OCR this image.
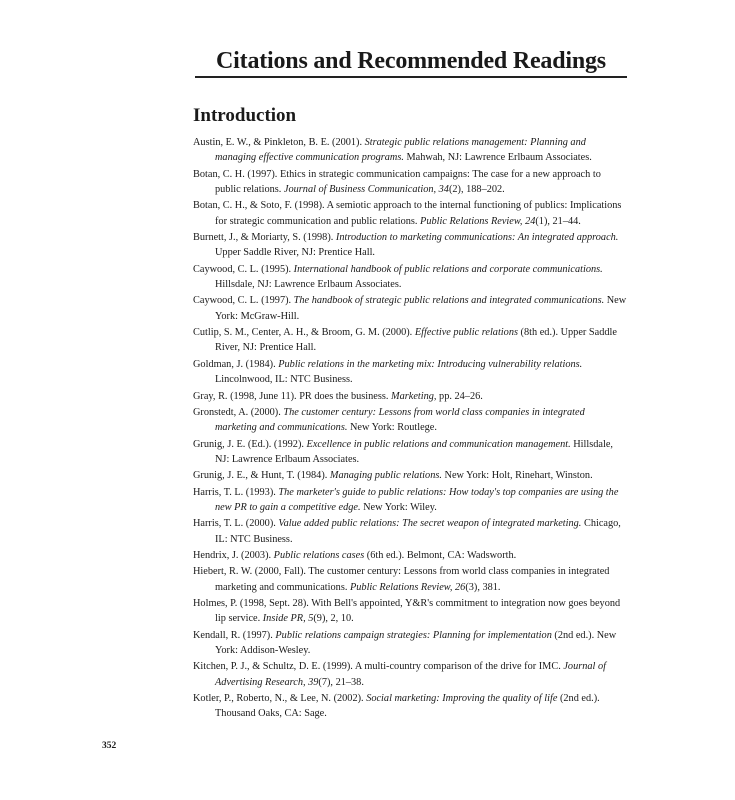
Citations and Recommended Readings
Introduction
Austin, E. W., & Pinkleton, B. E. (2001). Strategic public relations management: Planning and managing effective communication programs. Mahwah, NJ: Lawrence Erlbaum Associates.
Botan, C. H. (1997). Ethics in strategic communication campaigns: The case for a new approach to public relations. Journal of Business Communication, 34(2), 188–202.
Botan, C. H., & Soto, F. (1998). A semiotic approach to the internal functioning of publics: Implications for strategic communication and public relations. Public Relations Review, 24(1), 21–44.
Burnett, J., & Moriarty, S. (1998). Introduction to marketing communications: An integrated approach. Upper Saddle River, NJ: Prentice Hall.
Caywood, C. L. (1995). International handbook of public relations and corporate communications. Hillsdale, NJ: Lawrence Erlbaum Associates.
Caywood, C. L. (1997). The handbook of strategic public relations and integrated communications. New York: McGraw-Hill.
Cutlip, S. M., Center, A. H., & Broom, G. M. (2000). Effective public relations (8th ed.). Upper Saddle River, NJ: Prentice Hall.
Goldman, J. (1984). Public relations in the marketing mix: Introducing vulnerability relations. Lincolnwood, IL: NTC Business.
Gray, R. (1998, June 11). PR does the business. Marketing, pp. 24–26.
Gronstedt, A. (2000). The customer century: Lessons from world class companies in integrated marketing and communications. New York: Routlege.
Grunig, J. E. (Ed.). (1992). Excellence in public relations and communication management. Hillsdale, NJ: Lawrence Erlbaum Associates.
Grunig, J. E., & Hunt, T. (1984). Managing public relations. New York: Holt, Rinehart, Winston.
Harris, T. L. (1993). The marketer's guide to public relations: How today's top companies are using the new PR to gain a competitive edge. New York: Wiley.
Harris, T. L. (2000). Value added public relations: The secret weapon of integrated marketing. Chicago, IL: NTC Business.
Hendrix, J. (2003). Public relations cases (6th ed.). Belmont, CA: Wadsworth.
Hiebert, R. W. (2000, Fall). The customer century: Lessons from world class companies in integrated marketing and communications. Public Relations Review, 26(3), 381.
Holmes, P. (1998, Sept. 28). With Bell's appointed, Y&R's commitment to integration now goes beyond lip service. Inside PR, 5(9), 2, 10.
Kendall, R. (1997). Public relations campaign strategies: Planning for implementation (2nd ed.). New York: Addison-Wesley.
Kitchen, P. J., & Schultz, D. E. (1999). A multi-country comparison of the drive for IMC. Journal of Advertising Research, 39(7), 21–38.
Kotler, P., Roberto, N., & Lee, N. (2002). Social marketing: Improving the quality of life (2nd ed.). Thousand Oaks, CA: Sage.
352
